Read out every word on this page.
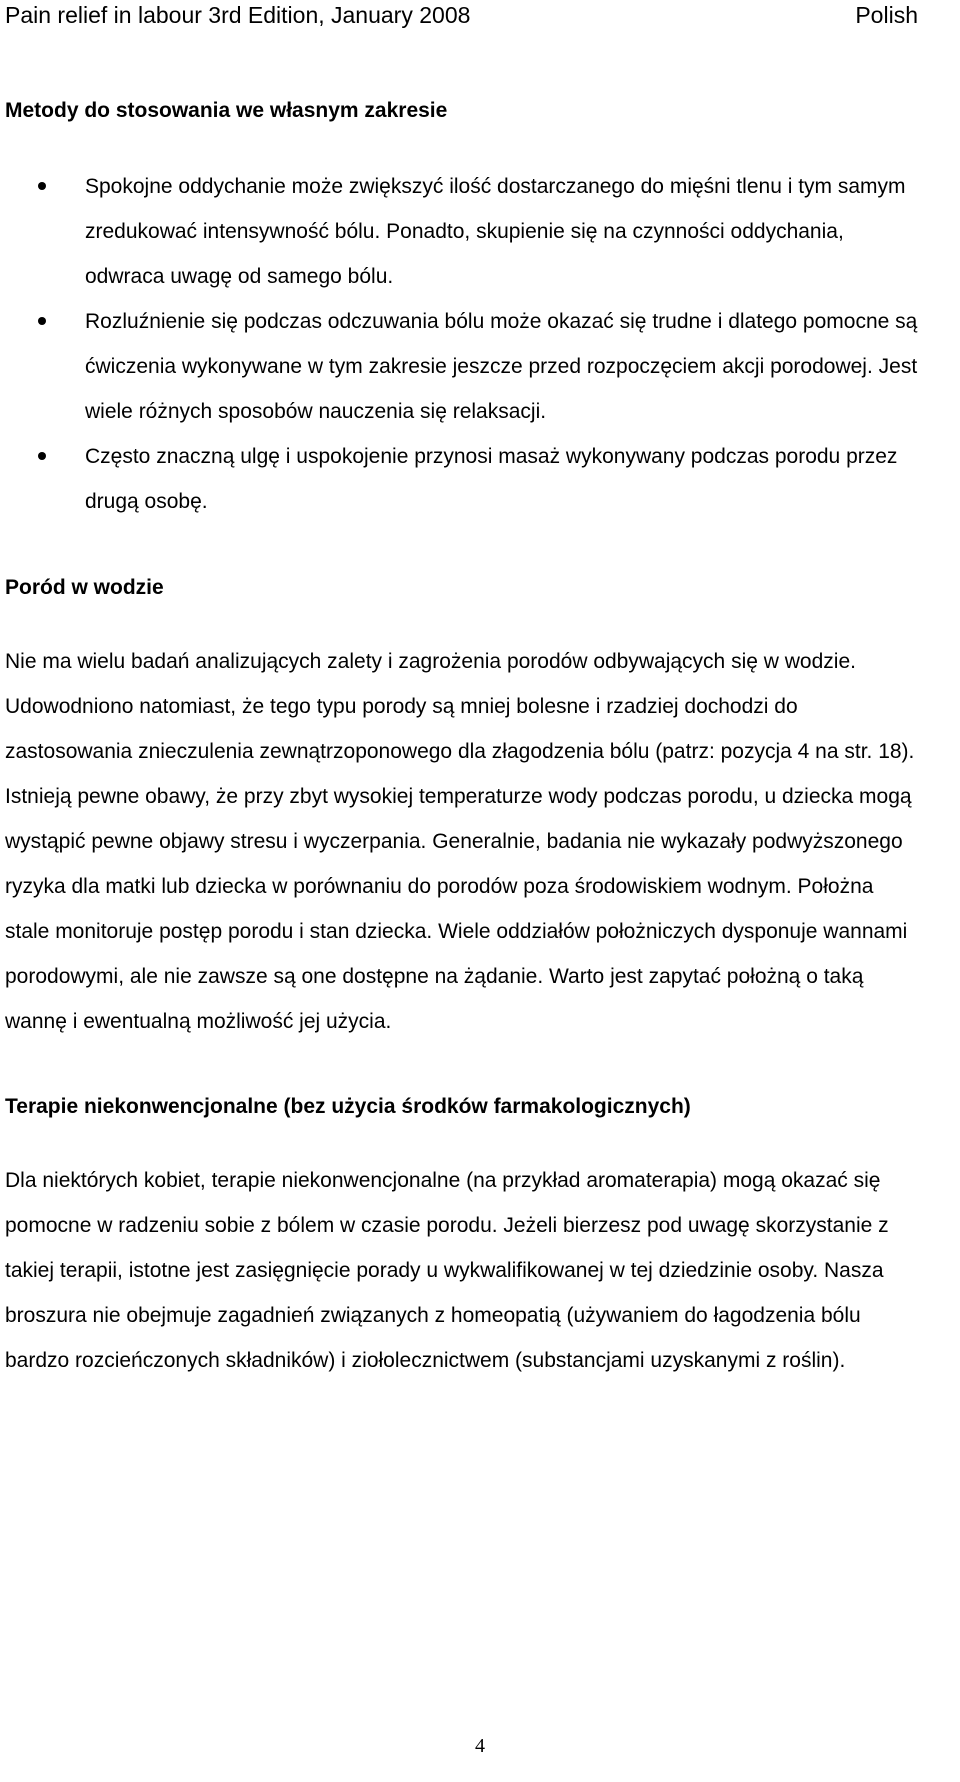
Pain relief in labour 3rd Edition, January 2008	Polish
Metody do stosowania we własnym zakresie
Spokojne oddychanie może zwiększyć ilość dostarczanego do mięśni tlenu i tym samym zredukować intensywność bólu. Ponadto, skupienie się na czynności oddychania, odwraca uwagę od samego bólu.
Rozluźnienie się podczas odczuwania bólu może okazać się trudne i dlatego pomocne są ćwiczenia wykonywane w tym zakresie jeszcze przed rozpoczęciem akcji porodowej. Jest wiele różnych sposobów nauczenia się relaksacji.
Często znaczną ulgę i uspokojenie przynosi masaż wykonywany podczas porodu przez drugą osobę.
Poród w wodzie

Nie ma wielu badań analizujących zalety i zagrożenia porodów odbywających się w wodzie. Udowodniono natomiast, że tego typu porody są mniej bolesne i rzadziej dochodzi do zastosowania znieczulenia zewnątrzoponowego dla złagodzenia bólu (patrz: pozycja 4 na str. 18). Istnieją pewne obawy, że przy zbyt wysokiej temperaturze wody podczas porodu, u dziecka mogą wystąpić pewne objawy stresu i wyczerpania. Generalnie, badania nie wykazały podwyższonego ryzyka dla matki lub dziecka w porównaniu do porodów poza środowiskiem wodnym. Położna stale monitoruje postęp porodu i stan dziecka. Wiele oddziałów położniczych dysponuje wannami porodowymi, ale nie zawsze są one dostępne na żądanie. Warto jest zapytać położną o taką wannę i ewentualną możliwość jej użycia.

Terapie niekonwencjonalne (bez użycia środków farmakologicznych)

Dla niektórych kobiet, terapie niekonwencjonalne (na przykład aromaterapia) mogą okazać się pomocne w radzeniu sobie z bólem w czasie porodu. Jeżeli bierzesz pod uwagę skorzystanie z takiej terapii, istotne jest zasięgnięcie porady u wykwalifikowanej w tej dziedzinie osoby. Nasza broszura nie obejmuje zagadnień związanych z homeopatią (używaniem do łagodzenia bólu bardzo rozcieńczonych składników) i ziołolecznictwem (substancjami uzyskanymi z roślin).

4
